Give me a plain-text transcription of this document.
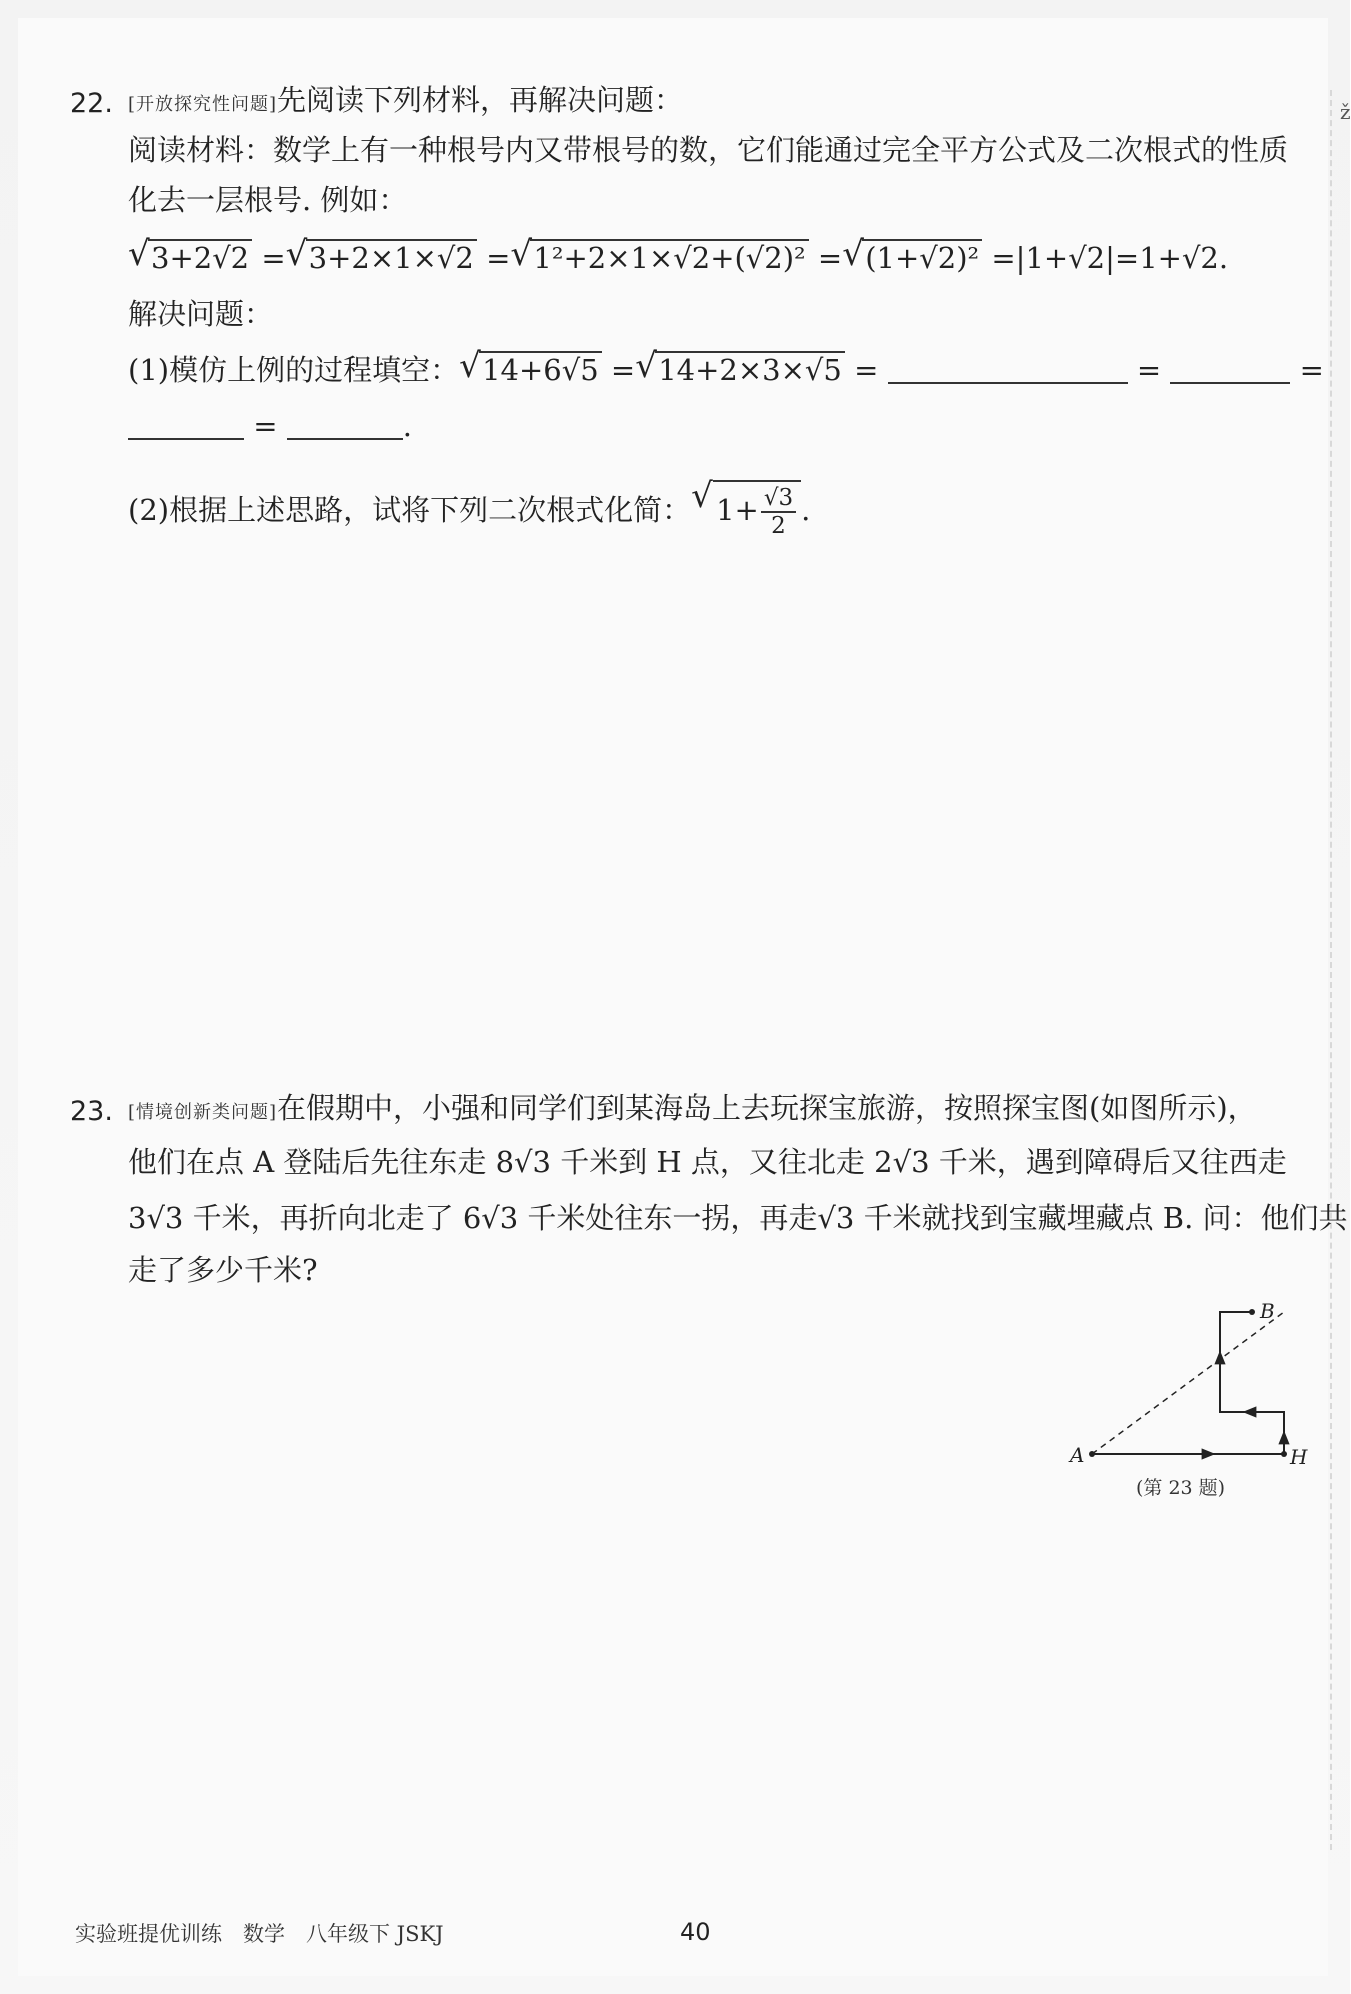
ž
22. [开放探究性问题]先阅读下列材料，再解决问题：
阅读材料：数学上有一种根号内又带根号的数，它们能通过完全平方公式及二次根式的性质
化去一层根号. 例如：
√ 3+2√2 = √ 3+2×1×√2 = √ 1²+2×1×√2+(√2)² = √ (1+√2)² =|1+√2|=1+√2.
解决问题：
(1)模仿上例的过程填空： √ 14+6√5 = √ 14+2×3×√5 =	=	=
=	.
(2)根据上述思路，试将下列二次根式化简： √ $1+ \frac{√3}{2}$ .
23. [情境创新类问题]在假期中，小强和同学们到某海岛上去玩探宝旅游，按照探宝图(如图所示)，
他们在点 A 登陆后先往东走 8√3 千米到 H 点，又往北走 2√3 千米，遇到障碍后又往西走
3√3 千米，再折向北走了 6√3 千米处往东一拐，再走√3 千米就找到宝藏埋藏点 B. 问：他们共
走了多少千米?
A	H
B
(第 23 题)
实验班提优训练　数学　八年级下 JSKJ	40
